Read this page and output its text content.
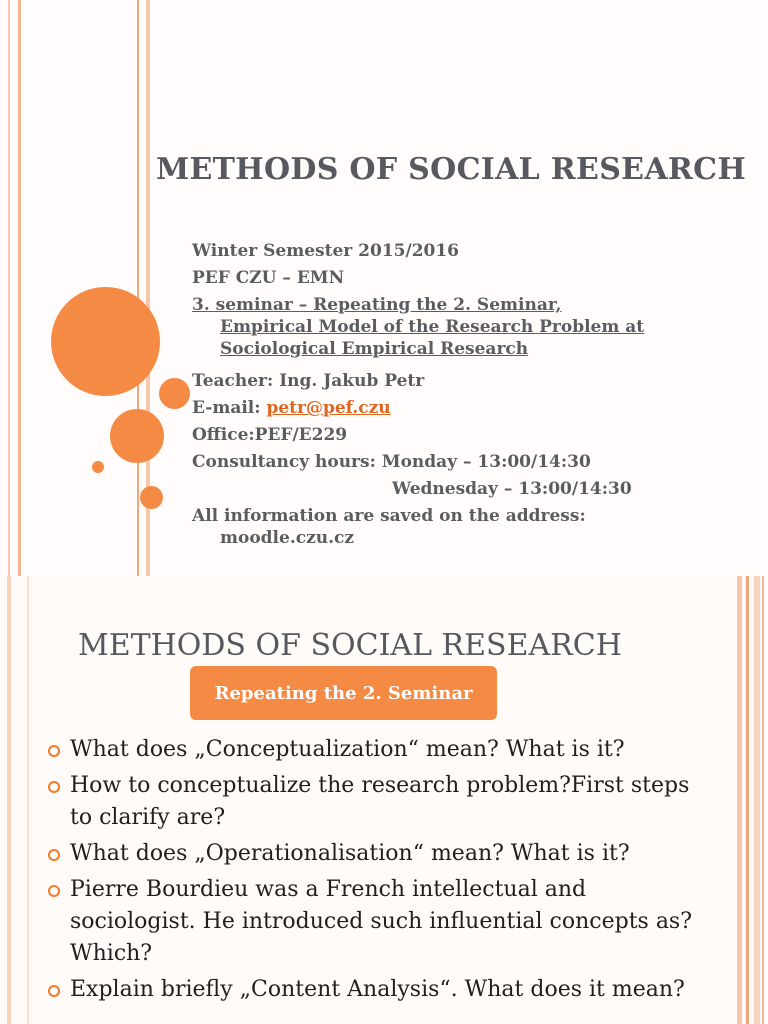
METHODS OF SOCIAL RESEARCH
Winter Semester 2015/2016
PEF CZU – EMN
3. seminar – Repeating the 2. Seminar,
Empirical Model of the Research Problem at
Sociological Empirical Research
Teacher: Ing. Jakub Petr
E-mail: petr@pef.czu
Office:PEF/E229
Consultancy hours: Monday – 13:00/14:30
Wednesday – 13:00/14:30
All information are saved on the address:
moodle.czu.cz
METHODS OF SOCIAL RESEARCH
Repeating the 2. Seminar
What does „Conceptualization“ mean? What is it?
How to conceptualize the research problem?First steps to clarify are?
What does „Operationalisation“ mean? What is it?
Pierre Bourdieu was a French intellectual and sociologist. He introduced such influential concepts as? Which?
Explain briefly „Content Analysis“. What does it mean?
